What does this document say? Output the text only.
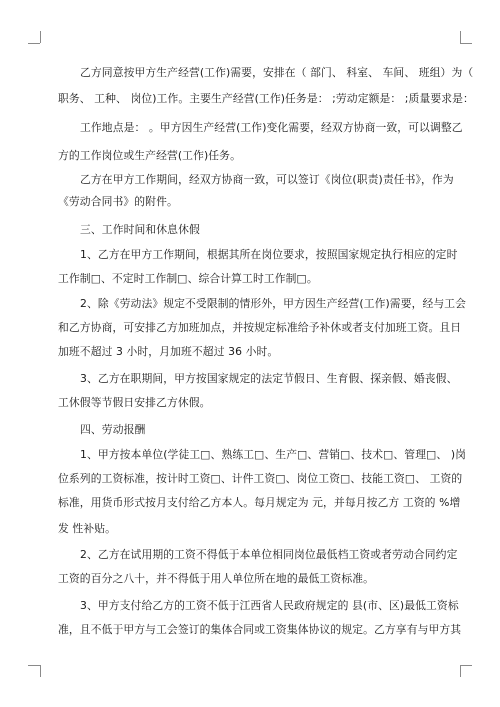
乙方同意按甲方生产经营(工作)需要，安排在（ 部门、 科室、 车间、 班组）为（
职务、 工种、 岗位)工作。主要生产经营(工作)任务是： ;劳动定额是： ;质量要求是：
工作地点是： 。甲方因生产经营(工作)变化需要，经双方协商一致，可以调整乙
方的工作岗位或生产经营(工作)任务。
乙方在甲方工作期间，经双方协商一致，可以签订《岗位(职责)责任书》，作为
《劳动合同书》的附件。
三、工作时间和休息休假
1、乙方在甲方工作期间，根据其所在岗位要求，按照国家规定执行相应的定时
工作制□、不定时工作制□、综合计算工时工作制□。
2、除《劳动法》规定不受限制的情形外，甲方因生产经营(工作)需要，经与工会
和乙方协商，可安排乙方加班加点，并按规定标准给予补休或者支付加班工资。且日
加班不超过 3 小时，月加班不超过 36 小时。
3、乙方在职期间，甲方按国家规定的法定节假日、生育假、探亲假、婚丧假、
工休假等节假日安排乙方休假。
四、劳动报酬
1、甲方按本单位(学徒工□、熟练工□、生产□、营销□、技术□、管理□、 )岗
位系列的工资标准，按计时工资□、计件工资□、岗位工资□、技能工资□、 工资的
标准，用货币形式按月支付给乙方本人。每月规定为 元，并每月按乙方 工资的 %增
发 性补贴。
2、乙方在试用期的工资不得低于本单位相同岗位最低档工资或者劳动合同约定
工资的百分之八十，并不得低于用人单位所在地的最低工资标准。
3、甲方支付给乙方的工资不低于江西省人民政府规定的 县(市、区)最低工资标
准，且不低于甲方与工会签订的集体合同或工资集体协议的规定。乙方享有与甲方其
